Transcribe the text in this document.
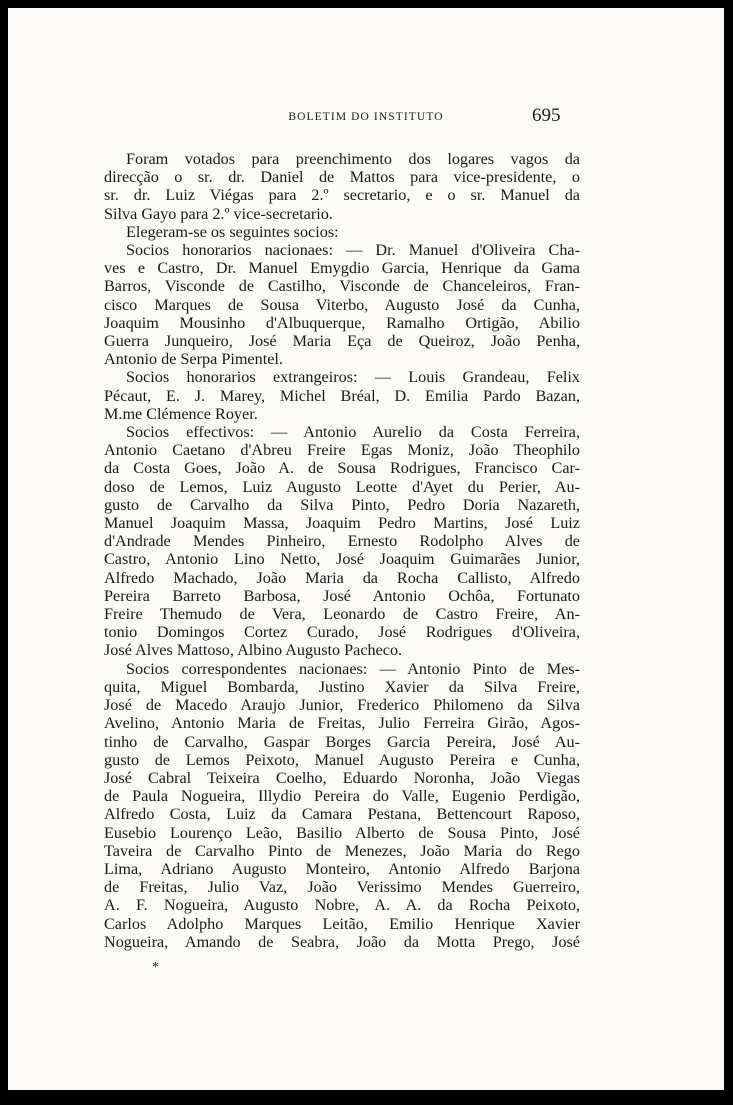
BOLETIM DO INSTITUTO	695
Foram votados para preenchimento dos logares vagos da
direcção o sr. dr. Daniel de Mattos para vice-presidente, o
sr. dr. Luiz Viégas para 2.º secretario, e o sr. Manuel da
Silva Gayo para 2.º vice-secretario.
Elegeram-se os seguintes socios:
Socios honorarios nacionaes: — Dr. Manuel d'Oliveira Cha-
ves e Castro, Dr. Manuel Emygdio Garcia, Henrique da Gama
Barros, Visconde de Castilho, Visconde de Chanceleiros, Fran-
cisco Marques de Sousa Viterbo, Augusto José da Cunha,
Joaquim Mousinho d'Albuquerque, Ramalho Ortigão, Abilio
Guerra Junqueiro, José Maria Eça de Queiroz, João Penha,
Antonio de Serpa Pimentel.
Socios honorarios extrangeiros: — Louis Grandeau, Felix
Pécaut, E. J. Marey, Michel Bréal, D. Emilia Pardo Bazan,
M.me Clémence Royer.
Socios effectivos: — Antonio Aurelio da Costa Ferreira,
Antonio Caetano d'Abreu Freire Egas Moniz, João Theophilo
da Costa Goes, João A. de Sousa Rodrigues, Francisco Car-
doso de Lemos, Luiz Augusto Leotte d'Ayet du Perier, Au-
gusto de Carvalho da Silva Pinto, Pedro Doria Nazareth,
Manuel Joaquim Massa, Joaquim Pedro Martins, José Luiz
d'Andrade Mendes Pinheiro, Ernesto Rodolpho Alves de
Castro, Antonio Lino Netto, José Joaquim Guimarães Junior,
Alfredo Machado, João Maria da Rocha Callisto, Alfredo
Pereira Barreto Barbosa, José Antonio Ochôa, Fortunato
Freire Themudo de Vera, Leonardo de Castro Freire, An-
tonio Domingos Cortez Curado, José Rodrigues d'Oliveira,
José Alves Mattoso, Albino Augusto Pacheco.
Socios correspondentes nacionaes: — Antonio Pinto de Mes-
quita, Miguel Bombarda, Justino Xavier da Silva Freire,
José de Macedo Araujo Junior, Frederico Philomeno da Silva
Avelino, Antonio Maria de Freitas, Julio Ferreira Girão, Agos-
tinho de Carvalho, Gaspar Borges Garcia Pereira, José Au-
gusto de Lemos Peixoto, Manuel Augusto Pereira e Cunha,
José Cabral Teixeira Coelho, Eduardo Noronha, João Viegas
de Paula Nogueira, Illydio Pereira do Valle, Eugenio Perdigão,
Alfredo Costa, Luiz da Camara Pestana, Bettencourt Raposo,
Eusebio Lourenço Leão, Basilio Alberto de Sousa Pinto, José
Taveira de Carvalho Pinto de Menezes, João Maria do Rego
Lima, Adriano Augusto Monteiro, Antonio Alfredo Barjona
de Freitas, Julio Vaz, João Verissimo Mendes Guerreiro,
A. F. Nogueira, Augusto Nobre, A. A. da Rocha Peixoto,
Carlos Adolpho Marques Leitão, Emilio Henrique Xavier
Nogueira, Amando de Seabra, João da Motta Prego, José
*
